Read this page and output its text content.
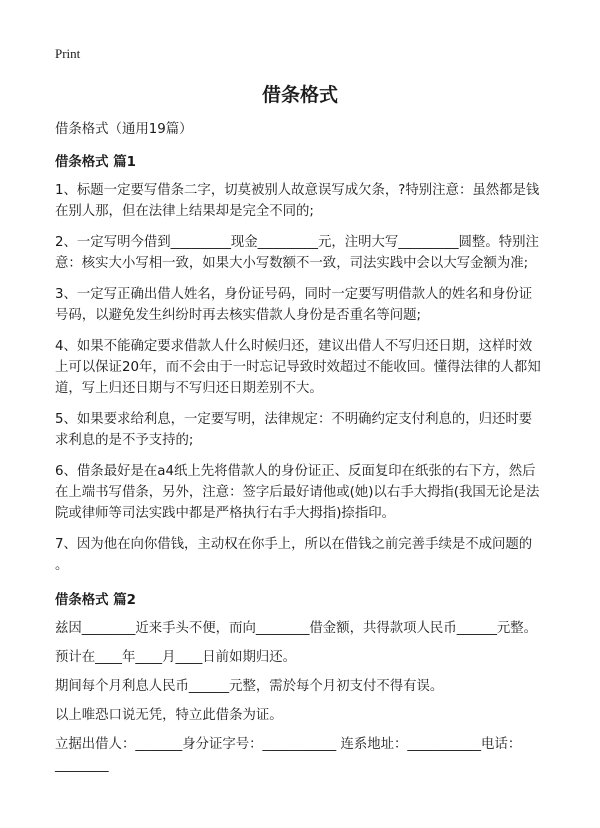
Print
借条格式

借条格式（通用19篇）

借条格式 篇1

1、标题一定要写借条二字，切莫被别人故意误写成欠条，?特别注意：虽然都是钱
在别人那，但在法律上结果却是完全不同的;

2、一定写明今借到_________现金_________元，注明大写_________圆整。特别注
意：核实大小写相一致，如果大小写数额不一致，司法实践中会以大写金额为准;

3、一定写正确出借人姓名，身份证号码，同时一定要写明借款人的姓名和身份证
号码，以避免发生纠纷时再去核实借款人身份是否重名等问题;

4、如果不能确定要求借款人什么时候归还，建议出借人不写归还日期，这样时效
上可以保证20年，而不会由于一时忘记导致时效超过不能收回。懂得法律的人都知
道，写上归还日期与不写归还日期差别不大。

5、如果要求给利息，一定要写明，法律规定：不明确约定支付利息的，归还时要
求利息的是不予支持的;

6、借条最好是在a4纸上先将借款人的身份证正、反面复印在纸张的右下方，然后
在上端书写借条，另外，注意：签字后最好请他或(她)以右手大拇指(我国无论是法
院或律师等司法实践中都是严格执行右手大拇指)捺指印。

7、因为他在向你借钱，主动权在你手上，所以在借钱之前完善手续是不成问题的
。

借条格式 篇2

兹因________近来手头不便，而向________借金额，共得款项人民币______元整。

预计在____年____月____日前如期归还。

期间每个月利息人民币______元整，需於每个月初支付不得有误。

以上唯恐口说无凭，特立此借条为证。

立据出借人：_______身分证字号：___________ 连系地址：___________电话：
________
